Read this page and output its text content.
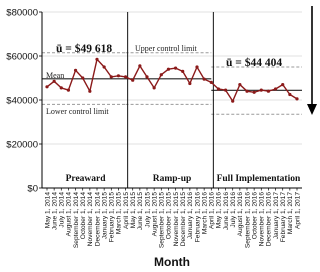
$0
$20000
$40000
$60000
$80000
Preaward	Ramp-up	Full Implementation
ū = $49 618
ū = $44 404
Upper control limit
Mean
Lower control limit
May 1, 2014 June 1, 2014 July 1, 2014 August 1, 2014 September 1, 2014 October 1, 2014 November 1, 2014 December 1, 2014 January 1, 2015 February 1, 2015 March 1, 2015 April 1, 2015 May 1, 2015 June 1, 2015 July 1, 2015 August 1, 2015 September 1, 2015 October 1, 2015 November 1, 2015 December 1, 2015 January 1, 2016 February 1, 2016 March 1, 2016 April 1, 2016 May 1, 2016 June 1, 2016 July 1, 2016 August 1, 2016 September 1, 2016 October 1, 2016 November 1, 2016 December 1, 2016 January 1, 2017 February 1, 2017 March 1, 2017 April 1, 2017
Month
